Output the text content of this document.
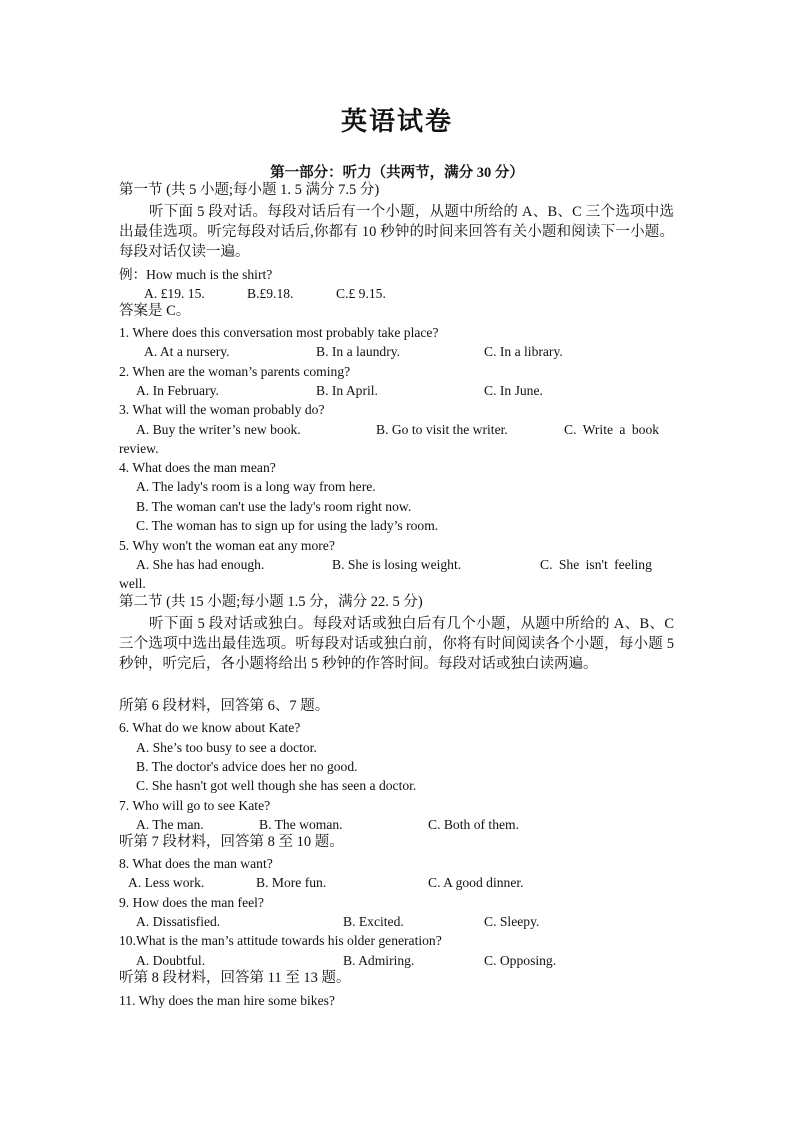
英语试卷
第一部分：听力（共两节，满分 30 分）
第一节 (共 5 小题;每小题 1. 5 满分 7.5 分)
听下面 5 段对话。每段对话后有一个小题，从题中所给的 A、B、C 三个选项中选出最佳选项。听完每段对话后,你都有 10 秒钟的时间来回答有关小题和阅读下一小题。每段对话仅读一遍。
例：How much is the shirt?
A. £19. 15.	B.£9.18.	C.£ 9.15.
答案是 C。
1. Where does this conversation most probably take place?
A. At a nursery.	B. In a laundry.	C. In a library.
2. When are the woman’s parents coming?
A. In February.	B. In April.	C. In June.
3. What will the woman probably do?
A. Buy the writer’s new book.	B. Go to visit the writer.	C. Write a book
review.
4. What does the man mean?
A. The lady's room is a long way from here.
B. The woman can't use the lady's room right now.
C. The woman has to sign up for using the lady’s room.
5. Why won't the woman eat any more?
A. She has had enough.	B. She is losing weight.	C. She isn't feeling
well.
第二节 (共 15 小题;每小题 1.5 分，满分 22. 5 分)
听下面 5 段对话或独白。每段对话或独白后有几个小题，从题中所给的 A、B、C 三个选项中选出最佳选项。听每段对话或独白前，你将有时间阅读各个小题，每小题 5 秒钟，听完后，各小题将给出 5 秒钟的作答时间。每段对话或独白读两遍。
所第 6 段材料，回答第 6、7 题。
6. What do we know about Kate?
A. She’s too busy to see a doctor.
B. The doctor's advice does her no good.
C. She hasn't got well though she has seen a doctor.
7. Who will go to see Kate?
A. The man.	B. The woman.	C. Both of them.
听第 7 段材料，回答第 8 至 10 题。
8. What does the man want?
A. Less work.	B. More fun.	C. A good dinner.
9. How does the man feel?
A. Dissatisfied.	B. Excited.	C. Sleepy.
10.What is the man’s attitude towards his older generation?
A. Doubtful.	B. Admiring.	C. Opposing.
听第 8 段材料，回答第 11 至 13 题。
11. Why does the man hire some bikes?
